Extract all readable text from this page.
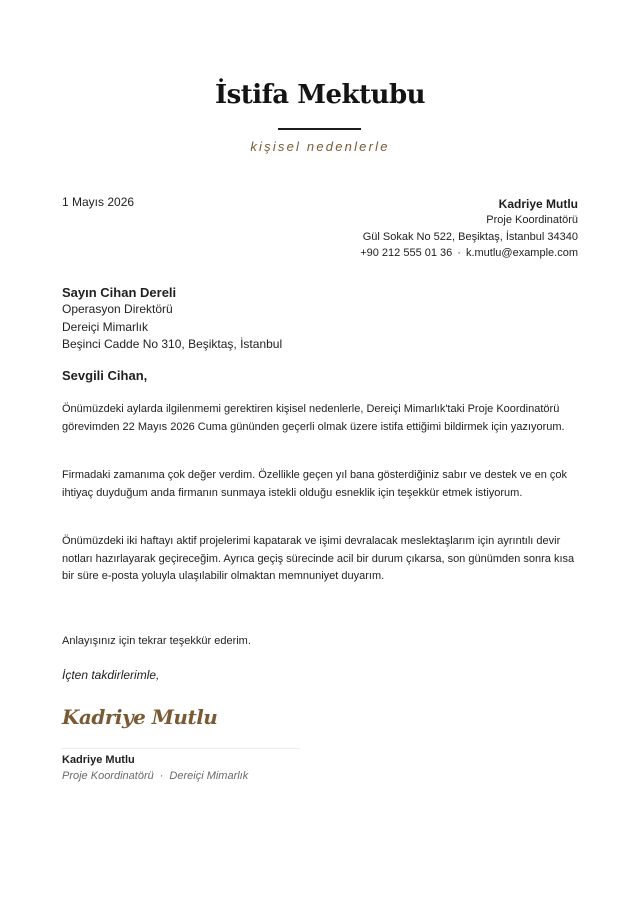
İstifa Mektubu
kişisel nedenlerle
1 Mayıs 2026	Kadriye Mutlu
Proje Koordinatörü
Gül Sokak No 522, Beşiktaş, İstanbul 34340
+90 212 555 01 36 · k.mutlu@example.com
Sayın Cihan Dereli
Operasyon Direktörü
Dereiçi Mimarlık
Beşinci Cadde No 310, Beşiktaş, İstanbul
Sevgili Cihan,
Önümüzdeki aylarda ilgilenmemi gerektiren kişisel nedenlerle, Dereiçi Mimarlık'taki Proje Koordinatörü görevimden 22 Mayıs 2026 Cuma gününden geçerli olmak üzere istifa ettiğimi bildirmek için yazıyorum.
Firmadaki zamanıma çok değer verdim. Özellikle geçen yıl bana gösterdiğiniz sabır ve destek ve en çok ihtiyaç duyduğum anda firmanın sunmaya istekli olduğu esneklik için teşekkür etmek istiyorum.
Önümüzdeki iki haftayı aktif projelerimi kapatarak ve işimi devralacak meslektaşlarım için ayrıntılı devir notları hazırlayarak geçireceğim. Ayrıca geçiş sürecinde acil bir durum çıkarsa, son günümden sonra kısa bir süre e-posta yoluyla ulaşılabilir olmaktan memnuniyet duyarım.
Anlayışınız için tekrar teşekkür ederim.
İçten takdirlerimle,
Kadriye Mutlu
Kadriye Mutlu
Proje Koordinatörü · Dereiçi Mimarlık
